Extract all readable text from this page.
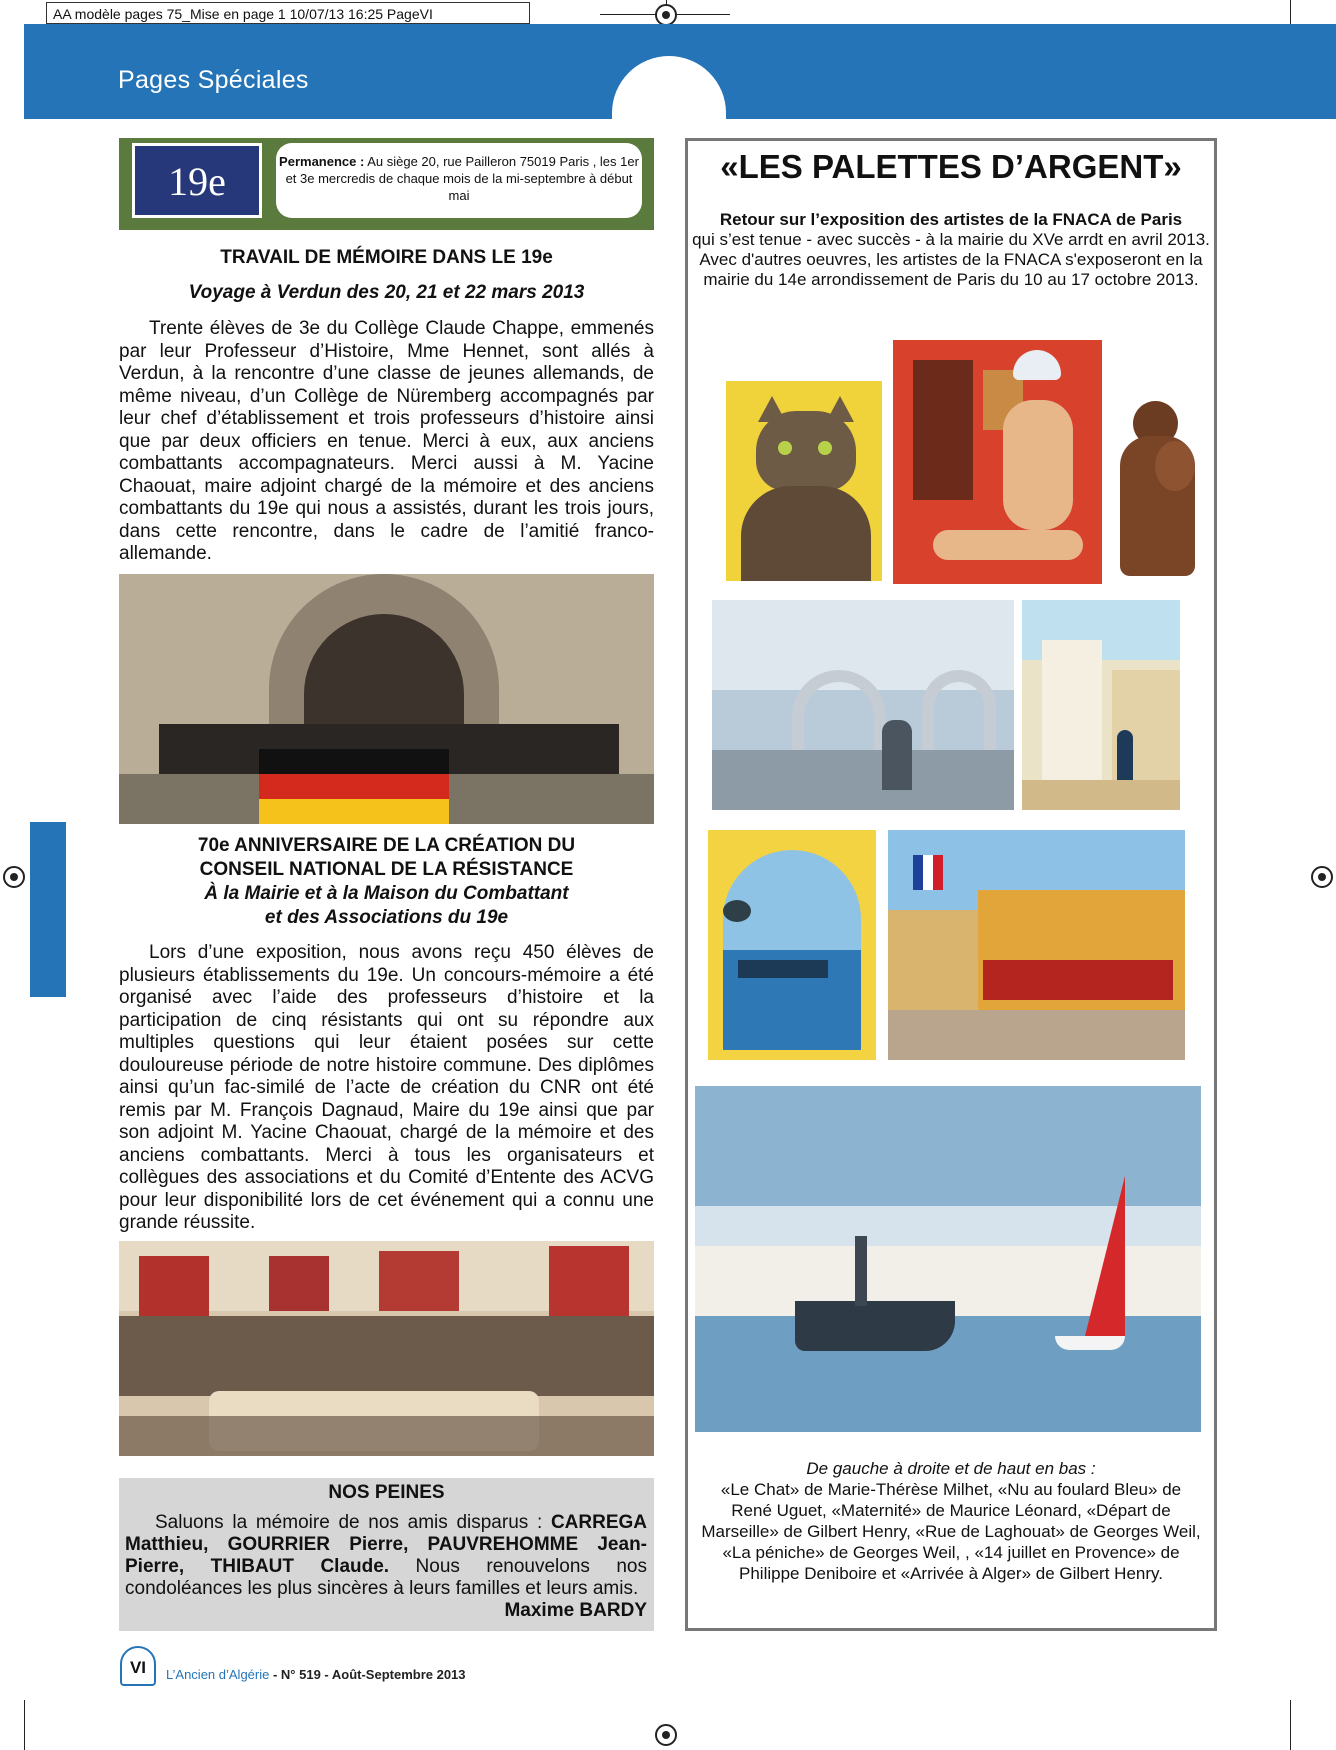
AA modèle pages 75_Mise en page 1 10/07/13 16:25 PageVI
Pages Spéciales
19e	Permanence : Au siège 20, rue Pailleron 75019 Paris , les 1er et 3e mercredis de chaque mois de la mi-septembre à début mai
TRAVAIL DE MÉMOIRE DANS LE 19e
Voyage à Verdun des 20, 21 et 22 mars 2013
Trente élèves de 3e du Collège Claude Chappe, emmenés par leur Professeur d’Histoire, Mme Hennet, sont allés à Verdun, à la rencontre d’une classe de jeunes allemands, de même niveau, d’un Collège de Nüremberg accompagnés par leur chef d’établissement et trois professeurs d’histoire ainsi que par deux officiers en tenue. Merci à eux, aux anciens combattants accompagnateurs. Merci aussi à M. Yacine Chaouat, maire adjoint chargé de la mémoire et des anciens combattants du 19e qui nous a assistés, durant les trois jours, dans cette rencontre, dans le cadre de l’amitié franco-allemande.
70e ANNIVERSAIRE DE LA CRÉATION DU
CONSEIL NATIONAL DE LA RÉSISTANCE
À la Mairie et à la Maison du Combattant
et des Associations du 19e
Lors d’une exposition, nous avons reçu 450 élèves de plusieurs établissements du 19e. Un concours-mémoire a été organisé avec l’aide des professeurs d’histoire et la participation de cinq résistants qui ont su répondre aux multiples questions qui leur étaient posées sur cette douloureuse période de notre histoire commune. Des diplômes ainsi qu’un fac-similé de l’acte de création du CNR ont été remis par M. François Dagnaud, Maire du 19e ainsi que par son adjoint M. Yacine Chaouat, chargé de la mémoire et des anciens combattants. Merci à tous les organisateurs et collègues des associations et du Comité d’Entente des ACVG pour leur disponibilité lors de cet événement qui a connu une grande réussite.
NOS PEINES
Saluons la mémoire de nos amis disparus : CARREGA Matthieu, GOURRIER Pierre, PAUVREHOMME Jean-Pierre, THIBAUT Claude. Nous renouvelons nos condoléances les plus sincères à leurs familles et leurs amis.
Maxime BARDY
«LES PALETTES D’ARGENT»
Retour sur l’exposition des artistes de la FNACA de Paris
qui s’est tenue - avec succès - à la mairie du XVe arrdt en avril 2013. Avec d'autres oeuvres, les artistes de la FNACA s'exposeront en la mairie du 14e arrondissement de Paris du 10 au 17 octobre 2013.
De gauche à droite et de haut en bas :
«Le Chat» de Marie-Thérèse Milhet, «Nu au foulard Bleu» de René Uguet, «Maternité» de Maurice Léonard, «Départ de Marseille» de Gilbert Henry, «Rue de Laghouat» de Georges Weil, «La péniche» de Georges Weil, , «14 juillet en Provence» de Philippe Deniboire et «Arrivée à Alger» de Gilbert Henry.
VI	L’Ancien d’Algérie - N° 519 - Août-Septembre 2013
